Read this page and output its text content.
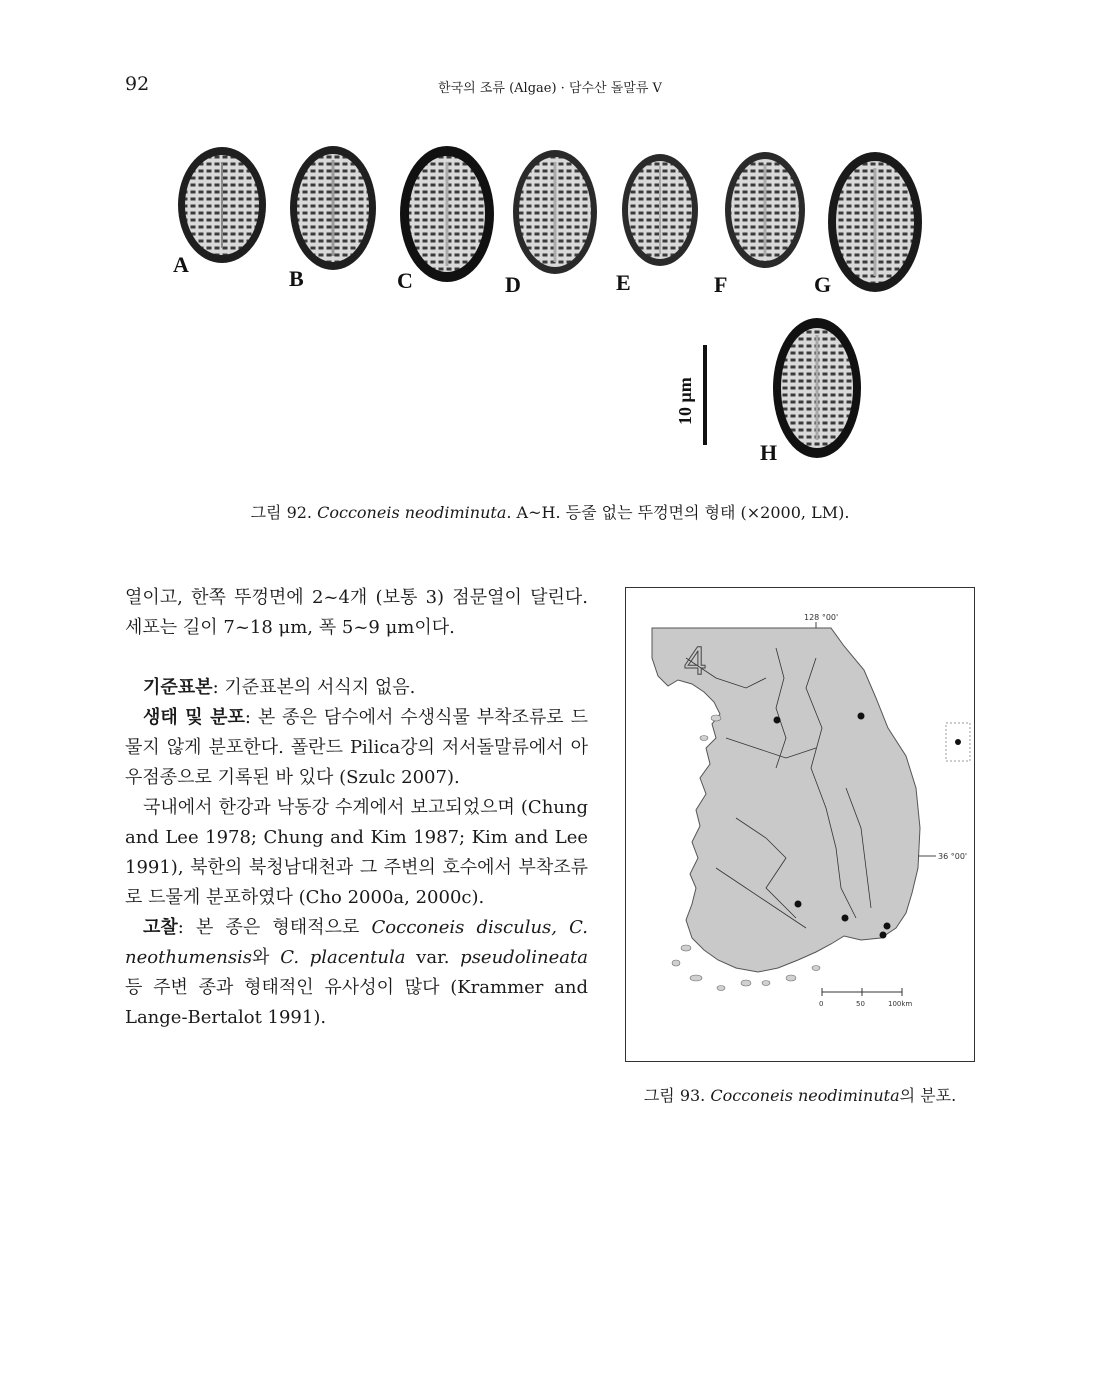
92	한국의 조류 (Algae) · 담수산 돌말류 V
A
B	C	D	E	F	G
H
10 μm
그림 92. Cocconeis neodiminuta. A~H. 등줄 없는 뚜껑면의 형태 (×2000, LM).

열이고, 한쪽 뚜껑면에 2~4개 (보통 3) 점문열이 달린다. 세포는 길이 7~18 μm, 폭 5~9 μm이다.

기준표본: 기준표본의 서식지 없음.

생태 및 분포: 본 종은 담수에서 수생식물 부착조류로 드물지 않게 분포한다. 폴란드 Pilica강의 저서돌말류에서 아우점종으로 기록된 바 있다 (Szulc 2007).

국내에서 한강과 낙동강 수계에서 보고되었으며 (Chung and Lee 1978; Chung and Kim 1987; Kim and Lee 1991), 북한의 북청남대천과 그 주변의 호수에서 부착조류로 드물게 분포하였다 (Cho 2000a, 2000c).

고찰: 본 종은 형태적으로 Cocconeis disculus, C. neothumensis와 C. placentula var. pseudolineata 등 주변 종과 형태적인 유사성이 많다 (Krammer and Lange-Bertalot 1991).

4
128 °00'
36 °00'
0	50	100km
그림 93. Cocconeis neodiminuta의 분포.
